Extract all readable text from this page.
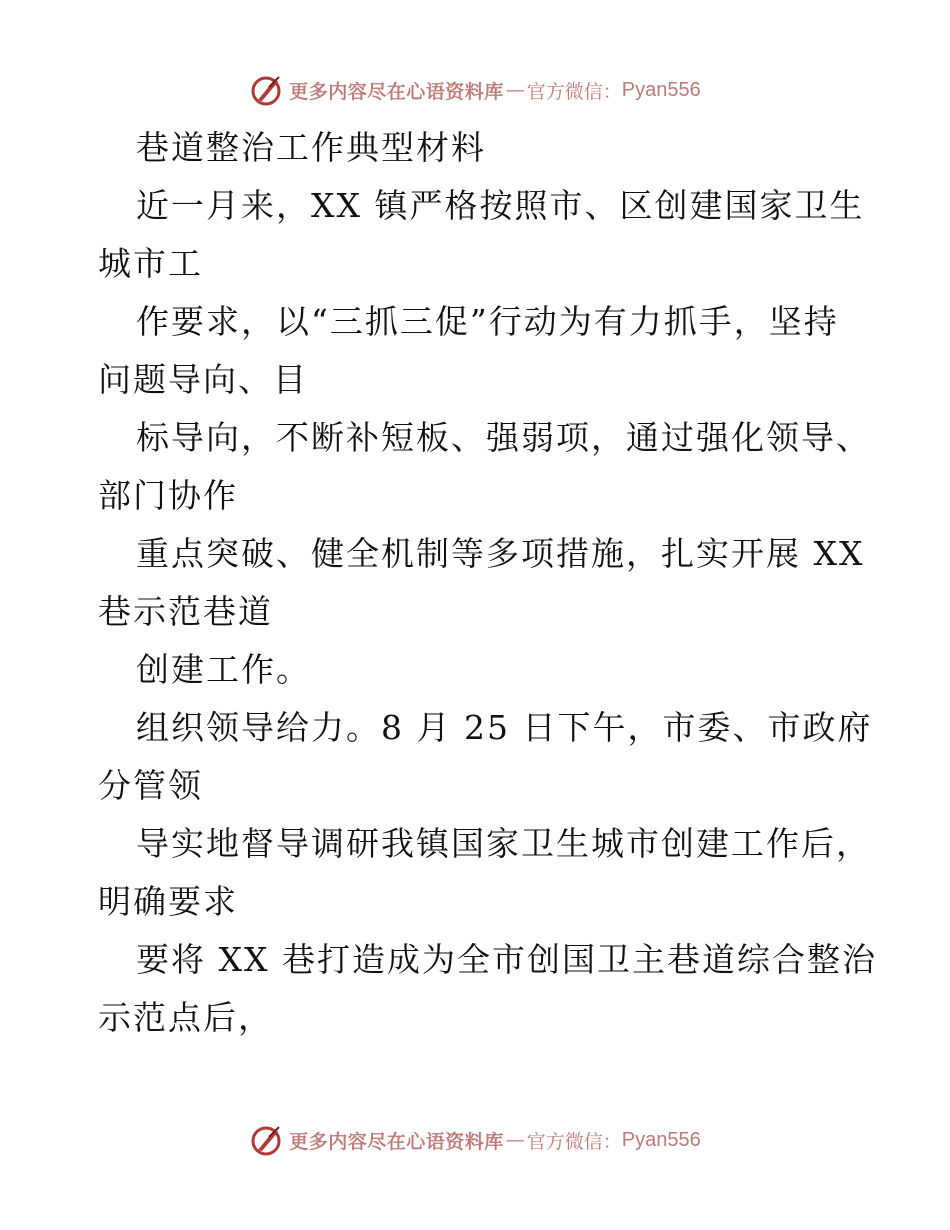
更多内容尽在心语资料库 — 官方微信： Pyan556
巷道整治工作典型材料
近一月来，XX 镇严格按照市、区创建国家卫生
城市工
作要求，以“三抓三促”行动为有力抓手，坚持
问题导向、目
标导向，不断补短板、强弱项，通过强化领导、
部门协作
重点突破、健全机制等多项措施，扎实开展 XX
巷示范巷道
创建工作。
组织领导给力。8 月 25 日下午，市委、市政府
分管领
导实地督导调研我镇国家卫生城市创建工作后，
明确要求
要将 XX 巷打造成为全市创国卫主巷道综合整治
示范点后，
更多内容尽在心语资料库 — 官方微信： Pyan556
